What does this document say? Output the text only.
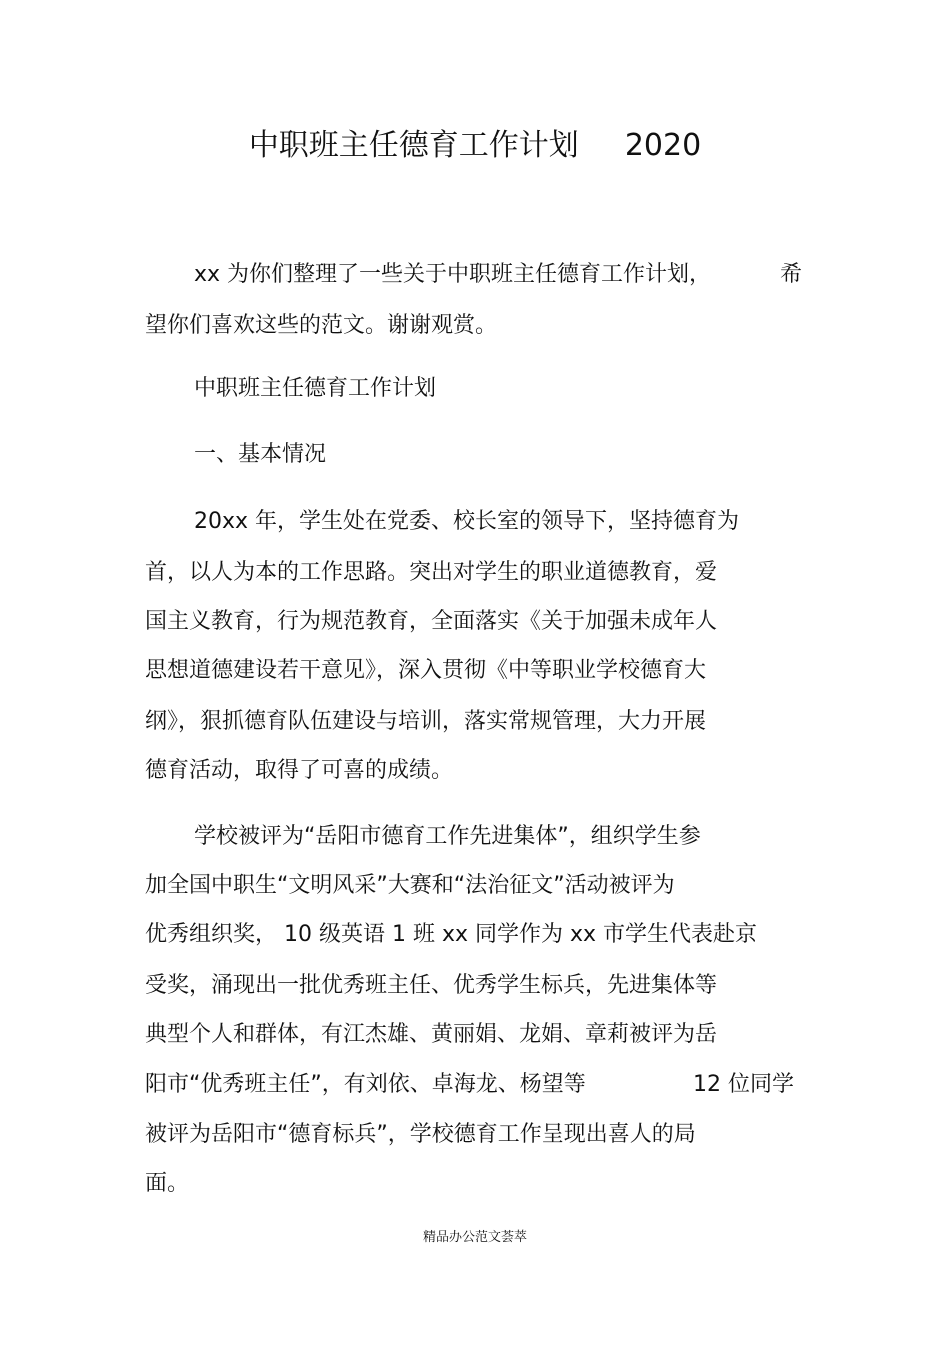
中职班主任德育工作计划 2020
xx 为你们整理了一些关于中职班主任德育工作计划，	希
望你们喜欢这些的范文。谢谢观赏。
中职班主任德育工作计划
一、基本情况
20xx 年，学生处在党委、校长室的领导下，坚持德育为
首，以人为本的工作思路。突出对学生的职业道德教育，爱
国主义教育，行为规范教育，全面落实《关于加强未成年人
思想道德建设若干意见》，深入贯彻《中等职业学校德育大
纲》，狠抓德育队伍建设与培训，落实常规管理，大力开展
德育活动，取得了可喜的成绩。
学校被评为“岳阳市德育工作先进集体”，组织学生参
加全国中职生“文明风采”大赛和“法治征文”活动被评为
优秀组织奖， 10 级英语 1 班 xx 同学作为 xx 市学生代表赴京
受奖，涌现出一批优秀班主任、优秀学生标兵，先进集体等
典型个人和群体，有江杰雄、黄丽娟、龙娟、章莉被评为岳
阳市“优秀班主任”，有刘依、卓海龙、杨望等	12 位同学
被评为岳阳市“德育标兵”，学校德育工作呈现出喜人的局
面。
精品办公范文荟萃
